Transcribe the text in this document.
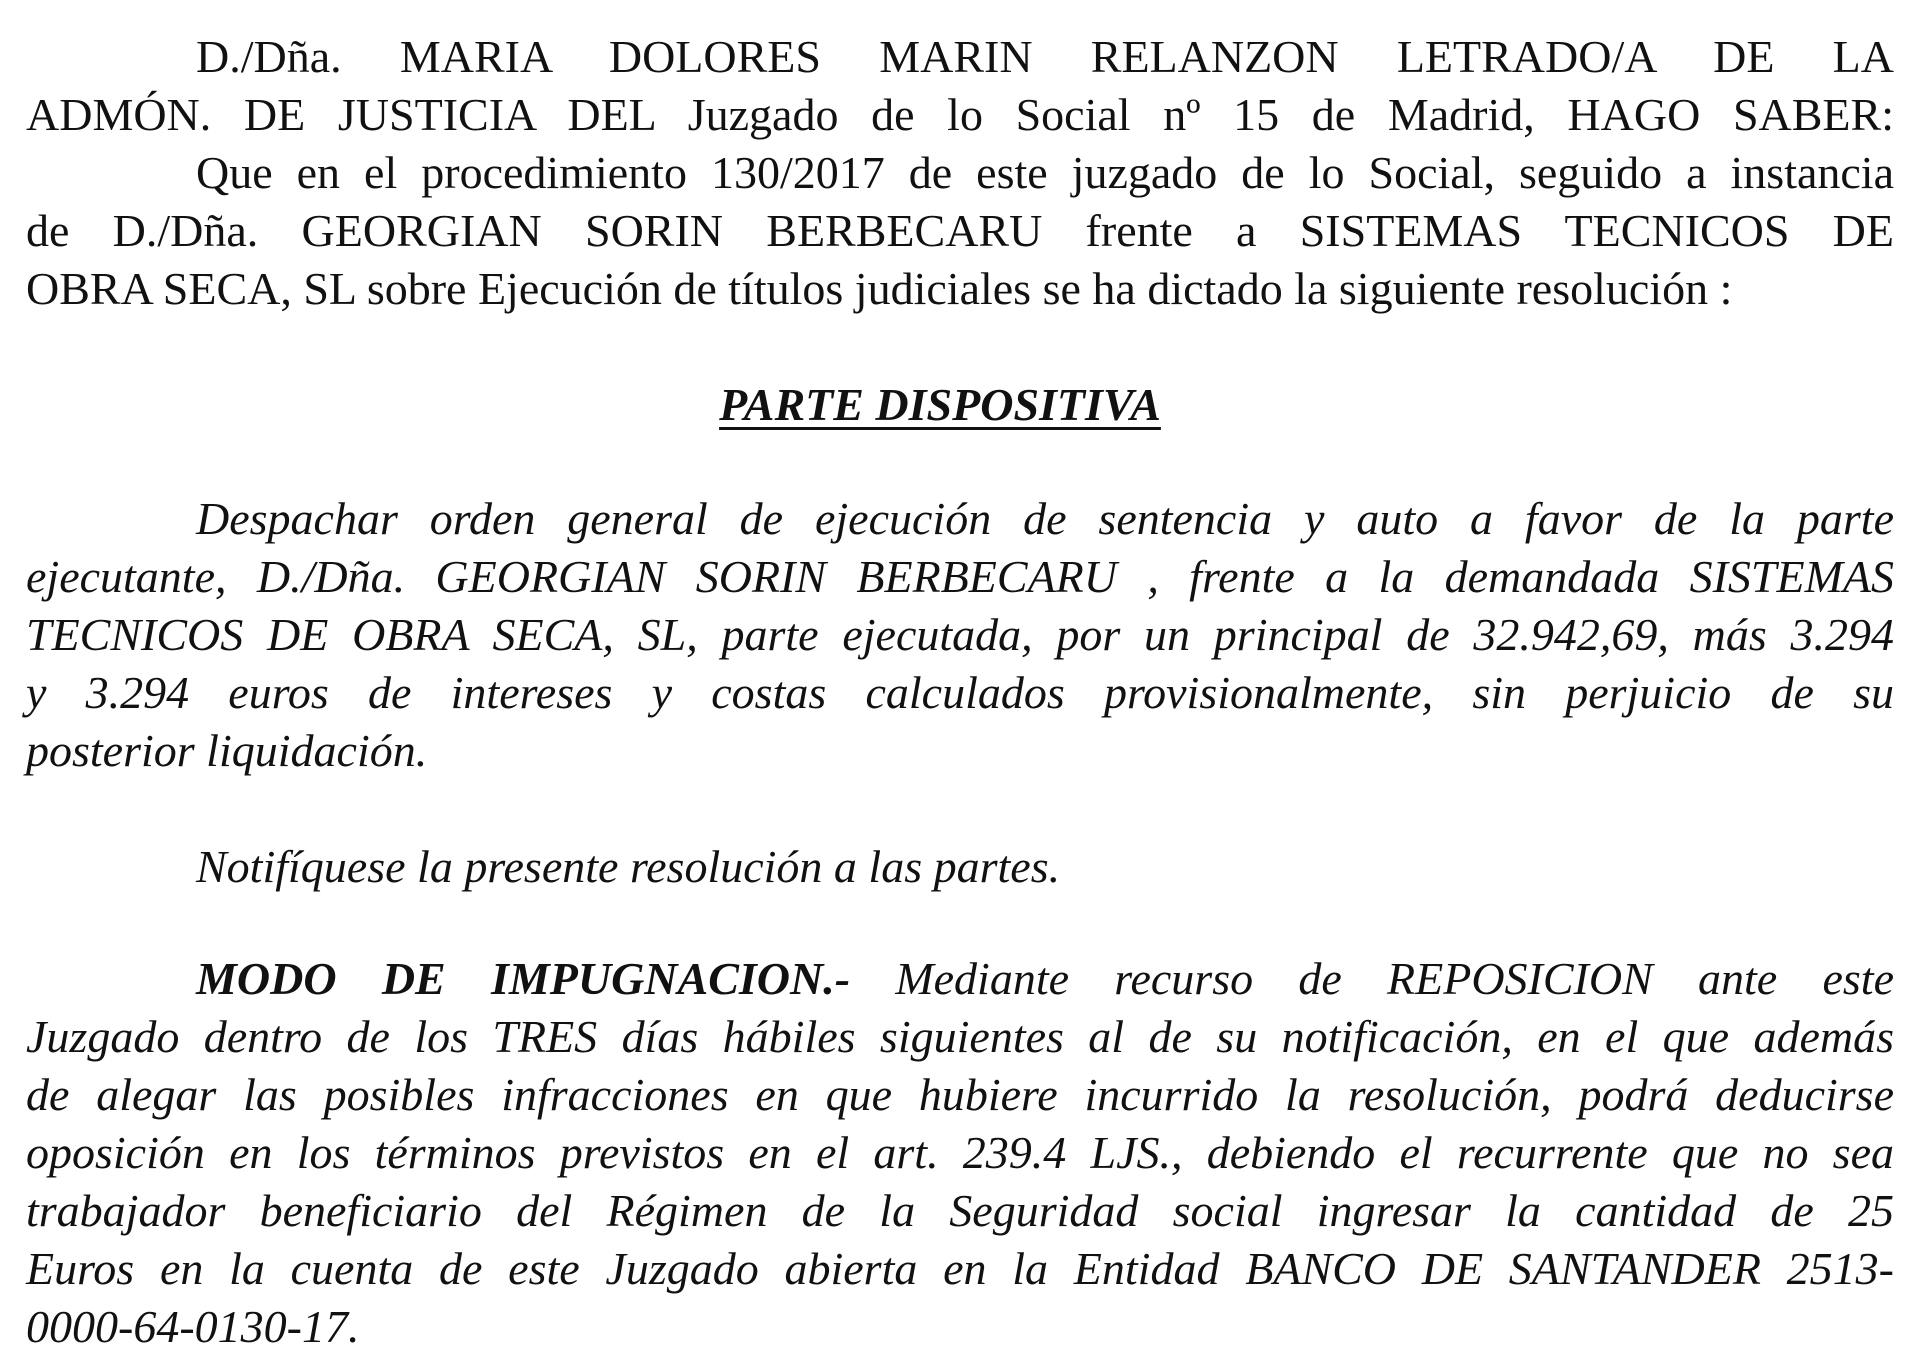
D./Dña. MARIA DOLORES MARIN RELANZON LETRADO/A DE LA
ADMÓN. DE JUSTICIA DEL Juzgado de lo Social nº 15 de Madrid, HAGO SABER:
Que en el procedimiento 130/2017 de este juzgado de lo Social, seguido a instancia
de D./Dña. GEORGIAN SORIN BERBECARU frente a SISTEMAS TECNICOS DE
OBRA SECA, SL sobre Ejecución de títulos judiciales se ha dictado la siguiente resolución :

PARTE DISPOSITIVA

Despachar orden general de ejecución de sentencia y auto a favor de la parte
ejecutante, D./Dña. GEORGIAN SORIN BERBECARU , frente a la demandada SISTEMAS
TECNICOS DE OBRA SECA, SL, parte ejecutada, por un principal de 32.942,69, más 3.294
y 3.294 euros de intereses y costas calculados provisionalmente, sin perjuicio de su
posterior liquidación.
Notifíquese la presente resolución a las partes.
MODO DE IMPUGNACION.- Mediante recurso de REPOSICION ante este
Juzgado dentro de los TRES días hábiles siguientes al de su notificación, en el que además
de alegar las posibles infracciones en que hubiere incurrido la resolución, podrá deducirse
oposición en los términos previstos en el art. 239.4 LJS., debiendo el recurrente que no sea
trabajador beneficiario del Régimen de la Seguridad social ingresar la cantidad de 25
Euros en la cuenta de este Juzgado abierta en la Entidad BANCO DE SANTANDER 2513-
0000-64-0130-17.
